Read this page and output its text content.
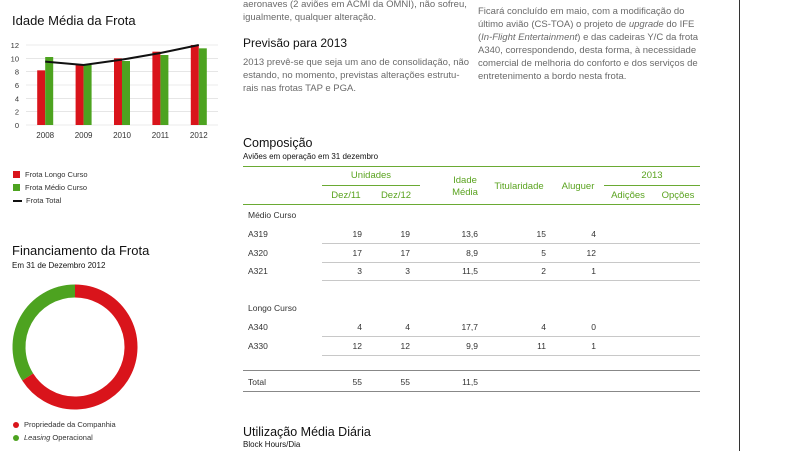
Idade Média da Frota
0
2
4
6
8
10
12
2008	2009	2010	2011	2012
Frota Longo Curso
Frota Médio Curso
Frota Total
Financiamento da Frota
Em 31 de Dezembro 2012
Propriedade da Companhia
Leasing Operacional
aeronaves (2 aviões em ACMI da OMNI), não sofreu,
igualmente, qualquer alteração.
Previsão para 2013
2013 prevê-se que seja um ano de consolidação, não
estando, no momento, previstas alterações estrutu-
rais nas frotas TAP e PGA.
Ficará concluído em maio, com a modificação do
último avião (CS-TOA) o projeto de upgrade do IFE
(In-Flight Entertainment) e das cadeiras Y/C da frota
A340, correspondendo, desta forma, à necessidade
comercial de melhoria do conforto e dos serviços de
entretenimento a bordo nesta frota.
Composição
Aviões em operação em 31 dezembro
Unidades
Dez/11	Dez/12
Idade
Média
Titularidade	Aluguer
2013
Adições	Opções
Médio Curso
A319	19	19	13,6	15	4
A320	17	17	8,9	5	12
A321	3	3	11,5	2	1
Longo Curso
A340	4	4	17,7	4	0
A330	12	12	9,9	11	1
Total	55	55	11,5
Utilização Média Diária
Block Hours/Dia
